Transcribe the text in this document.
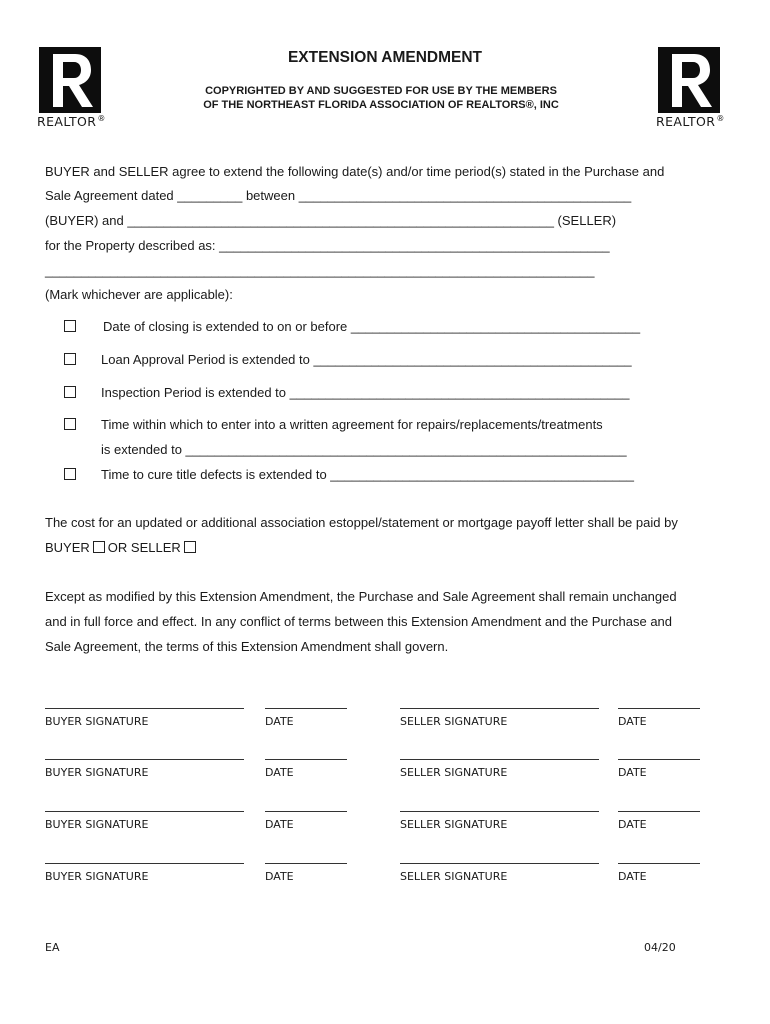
REALTOR®	REALTOR®
EXTENSION AMENDMENT
COPYRIGHTED BY AND SUGGESTED FOR USE BY THE MEMBERS
OF THE NORTHEAST FLORIDA ASSOCIATION OF REALTORS®, INC
BUYER and SELLER agree to extend the following date(s) and/or time period(s) stated in the Purchase and
Sale Agreement dated _________ between ______________________________________________
(BUYER) and ___________________________________________________________ (SELLER)
for the Property described as: ______________________________________________________
____________________________________________________________________________
(Mark whichever are applicable):
Date of closing is extended to on or before ________________________________________
Loan Approval Period is extended to ____________________________________________
Inspection Period is extended to _______________________________________________
Time within which to enter into a written agreement for repairs/replacements/treatments
is extended to _____________________________________________________________
Time to cure title defects is extended to __________________________________________
The cost for an updated or additional association estoppel/statement or mortgage payoff letter shall be paid by
BUYER OR SELLER
Except as modified by this Extension Amendment, the Purchase and Sale Agreement shall remain unchanged
and in full force and effect. In any conflict of terms between this Extension Amendment and the Purchase and
Sale Agreement, the terms of this Extension Amendment shall govern.
BUYER SIGNATURE	DATE	SELLER SIGNATURE	DATE
BUYER SIGNATURE	DATE	SELLER SIGNATURE	DATE
BUYER SIGNATURE	DATE	SELLER SIGNATURE	DATE
BUYER SIGNATURE	DATE	SELLER SIGNATURE	DATE
EA	04/20
